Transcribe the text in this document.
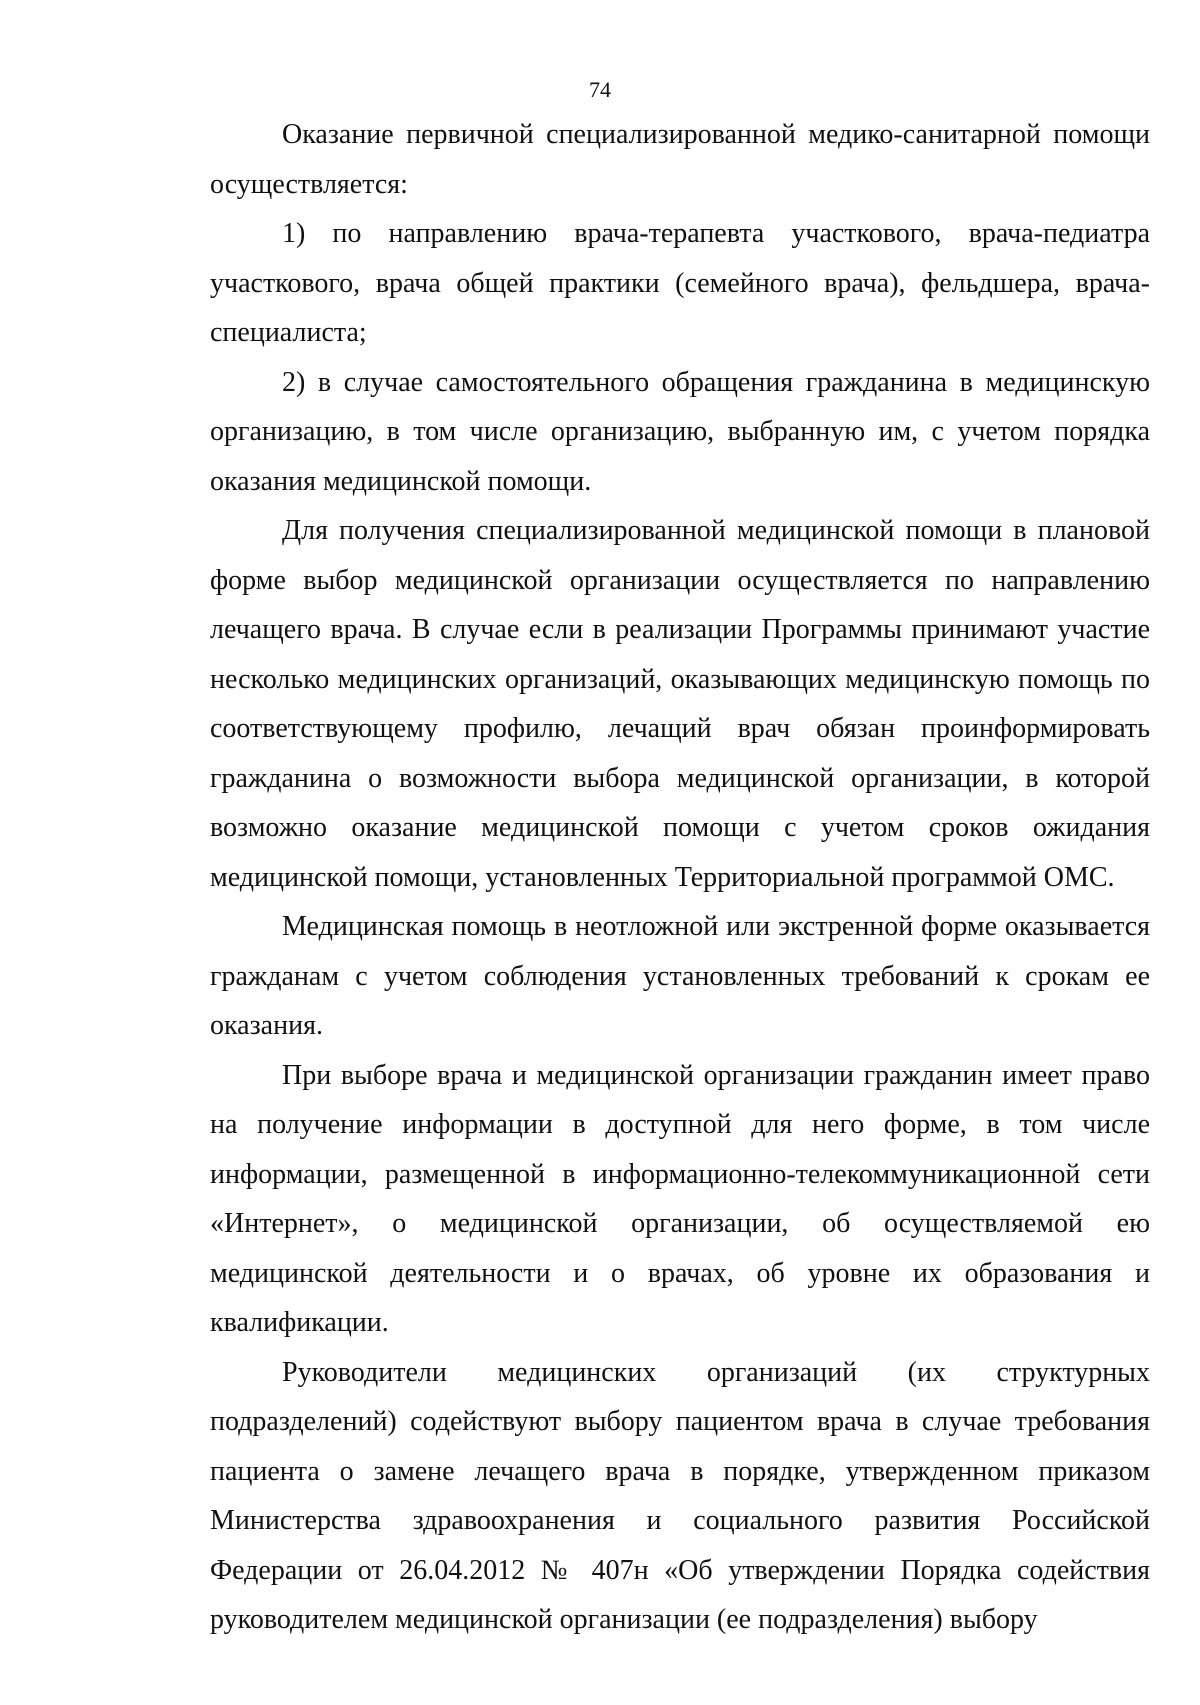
74

Оказание первичной специализированной медико-санитарной помощи осуществляется:

1) по направлению врача-терапевта участкового, врача-педиатра участкового, врача общей практики (семейного врача), фельдшера, врача-специалиста;

2) в случае самостоятельного обращения гражданина в медицинскую организацию, в том числе организацию, выбранную им, с учетом порядка оказания медицинской помощи.

Для получения специализированной медицинской помощи в плановой форме выбор медицинской организации осуществляется по направлению лечащего врача. В случае если в реализации Программы принимают участие несколько медицинских организаций, оказывающих медицинскую помощь по соответствующему профилю, лечащий врач обязан проинформировать гражданина о возможности выбора медицинской организации, в которой возможно оказание медицинской помощи с учетом сроков ожидания медицинской помощи, установленных Территориальной программой ОМС.

Медицинская помощь в неотложной или экстренной форме оказывается гражданам с учетом соблюдения установленных требований к срокам ее оказания.

При выборе врача и медицинской организации гражданин имеет право на получение информации в доступной для него форме, в том числе информации, размещенной в информационно-телекоммуникационной сети «Интернет», о медицинской организации, об осуществляемой ею медицинской деятельности и о врачах, об уровне их образования и квалификации.

Руководители медицинских организаций (их структурных подразделений) содействуют выбору пациентом врача в случае требования пациента о замене лечащего врача в порядке, утвержденном приказом Министерства здравоохранения и социального развития Российской Федерации от 26.04.2012 № 407н «Об утверждении Порядка содействия руководителем медицинской организации (ее подразделения) выбору
